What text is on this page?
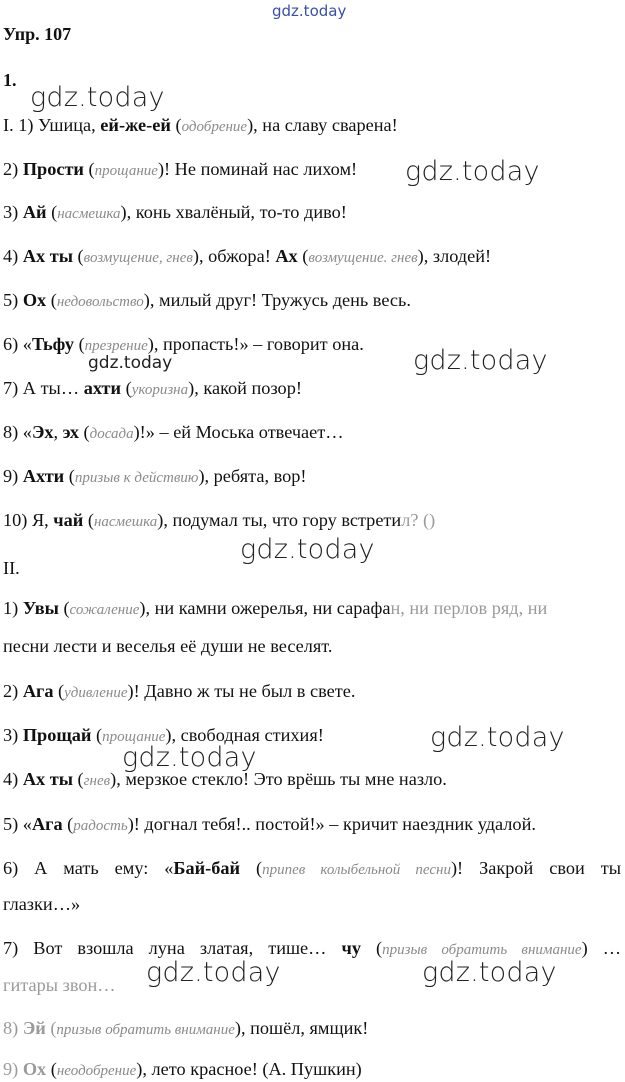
gdz.today
gdz.today
gdz.today
gdz.today	gdz.today
gdz.today
gdz.today
gdz.today
gdz.today	gdz.today
Упр. 107
1.
I. 1) Ушица, ей-же-ей (одобрение), на славу сварена!
2) Прости (прощание)! Не поминай нас лихом!
3) Ай (насмешка), конь хвалёный, то-то диво!
4) Ах ты (возмущение, гнев), обжора! Ах (возмущение. гнев), злодей!
5) Ох (недовольство), милый друг! Тружусь день весь.
6) «Тьфу (презрение), пропасть!» – говорит она.
7) А ты… ахти (укоризна), какой позор!
8) «Эх, эх (досада)!» – ей Моська отвечает…
9) Ахти (призыв к действию), ребята, вор!
10) Я, чай (насмешка), подумал ты, что гору встретил? ()
II.
1) Увы (сожаление), ни камни ожерелья, ни сарафан, ни перлов ряд, ни
песни лести и веселья её души не веселят.
2) Ага (удивление)! Давно ж ты не был в свете.
3) Прощай (прощание), свободная стихия!
4) Ах ты (гнев), мерзкое стекло! Это врёшь ты мне назло.
5) «Ага (радость)! догнал тебя!.. постой!» – кричит наездник удалой.
6) А мать ему: «Бай-бай (припев колыбельной песни)! Закрой свои ты
глазки…»
7) Вот взошла луна златая, тише… чу (призыв обратить внимание) …
гитары звон…
8) Эй (призыв обратить внимание), пошёл, ямщик!
9) Ох (неодобрение), лето красное! (А. Пушкин)
